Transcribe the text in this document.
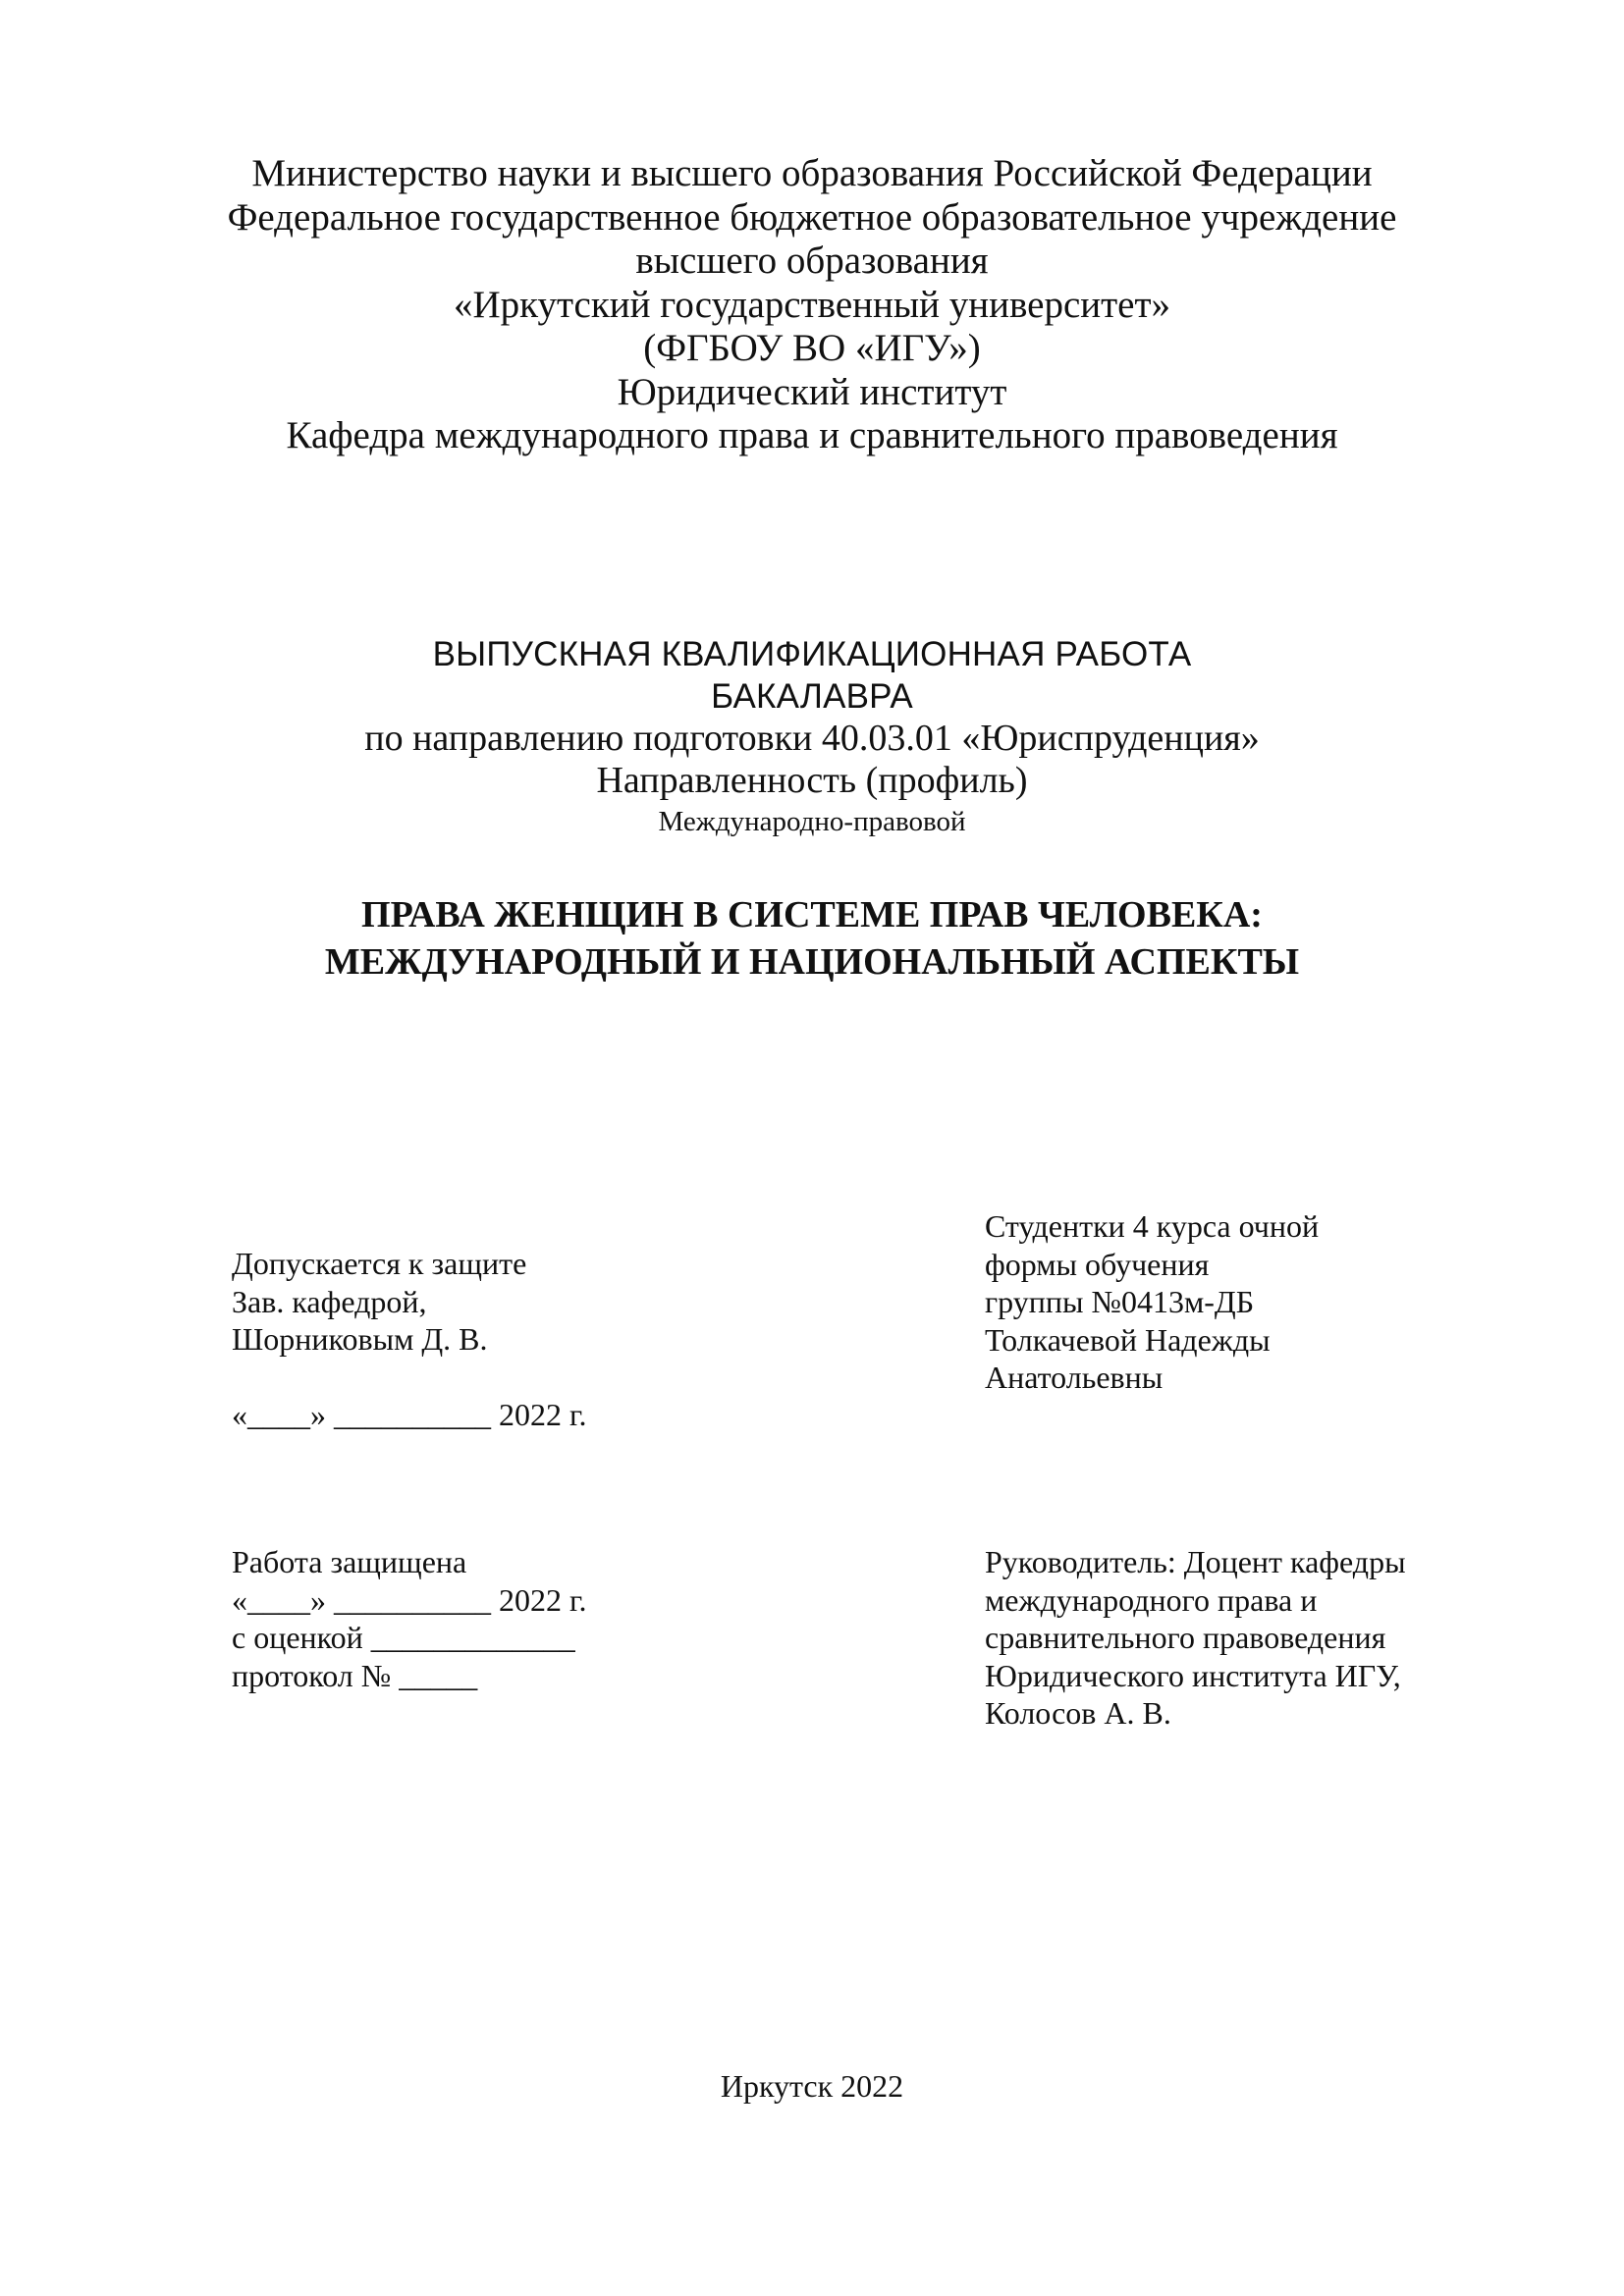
Министерство науки и высшего образования Российской Федерации
Федеральное государственное бюджетное образовательное учреждение
высшего образования
«Иркутский государственный университет»
(ФГБОУ ВО «ИГУ»)
Юридический институт
Кафедра международного права и сравнительного правоведения
ВЫПУСКНАЯ КВАЛИФИКАЦИОННАЯ РАБОТА
БАКАЛАВРА
по направлению подготовки 40.03.01 «Юриспруденция»
Направленность (профиль)
Международно-правовой
ПРАВА ЖЕНЩИН В СИСТЕМЕ ПРАВ ЧЕЛОВЕКА:
МЕЖДУНАРОДНЫЙ И НАЦИОНАЛЬНЫЙ АСПЕКТЫ
Допускается к защите
Зав. кафедрой,
Шорниковым Д. В.
«____» __________ 2022 г.
Студентки 4 курса очной
формы обучения
группы №0413м-ДБ
Толкачевой Надежды
Анатольевны
Работа защищена
«____» __________ 2022 г.
с оценкой _____________
протокол № _____
Руководитель: Доцент кафедры
международного права и
сравнительного правоведения
Юридического института ИГУ,
Колосов А. В.
Иркутск 2022
